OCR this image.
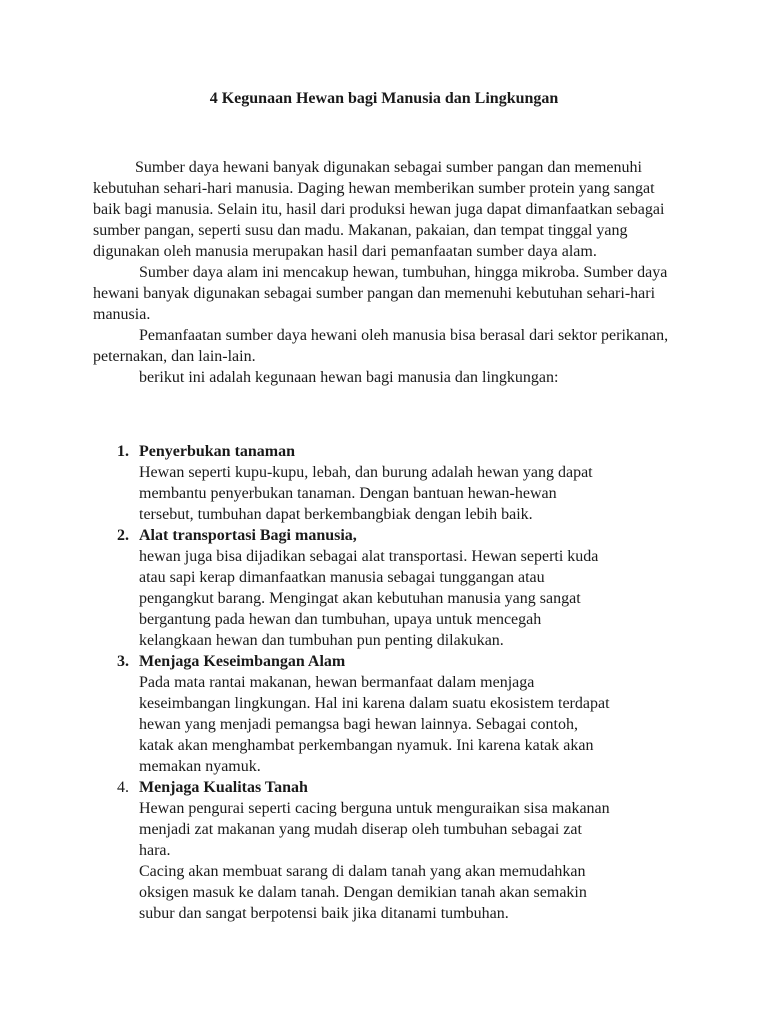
4 Kegunaan Hewan bagi Manusia dan Lingkungan

Sumber daya hewani banyak digunakan sebagai sumber pangan dan memenuhi kebutuhan sehari-hari manusia. Daging hewan memberikan sumber protein yang sangat baik bagi manusia. Selain itu, hasil dari produksi hewan juga dapat dimanfaatkan sebagai sumber pangan, seperti susu dan madu. Makanan, pakaian, dan tempat tinggal yang digunakan oleh manusia merupakan hasil dari pemanfaatan sumber daya alam.

Sumber daya alam ini mencakup hewan, tumbuhan, hingga mikroba. Sumber daya hewani banyak digunakan sebagai sumber pangan dan memenuhi kebutuhan sehari-hari manusia.

Pemanfaatan sumber daya hewani oleh manusia bisa berasal dari sektor perikanan, peternakan, dan lain-lain.

berikut ini adalah kegunaan hewan bagi manusia dan lingkungan:

1. Penyerbukan tanaman
Hewan seperti kupu-kupu, lebah, dan burung adalah hewan yang dapat
membantu penyerbukan tanaman. Dengan bantuan hewan-hewan
tersebut, tumbuhan dapat berkembangbiak dengan lebih baik.
2. Alat transportasi Bagi manusia,
hewan juga bisa dijadikan sebagai alat transportasi. Hewan seperti kuda
atau sapi kerap dimanfaatkan manusia sebagai tunggangan atau
pengangkut barang. Mengingat akan kebutuhan manusia yang sangat
bergantung pada hewan dan tumbuhan, upaya untuk mencegah
kelangkaan hewan dan tumbuhan pun penting dilakukan.
3. Menjaga Keseimbangan Alam
Pada mata rantai makanan, hewan bermanfaat dalam menjaga
keseimbangan lingkungan. Hal ini karena dalam suatu ekosistem terdapat
hewan yang menjadi pemangsa bagi hewan lainnya. Sebagai contoh,
katak akan menghambat perkembangan nyamuk. Ini karena katak akan
memakan nyamuk.
4. Menjaga Kualitas Tanah
Hewan pengurai seperti cacing berguna untuk menguraikan sisa makanan
menjadi zat makanan yang mudah diserap oleh tumbuhan sebagai zat
hara.
Cacing akan membuat sarang di dalam tanah yang akan memudahkan
oksigen masuk ke dalam tanah. Dengan demikian tanah akan semakin
subur dan sangat berpotensi baik jika ditanami tumbuhan.
